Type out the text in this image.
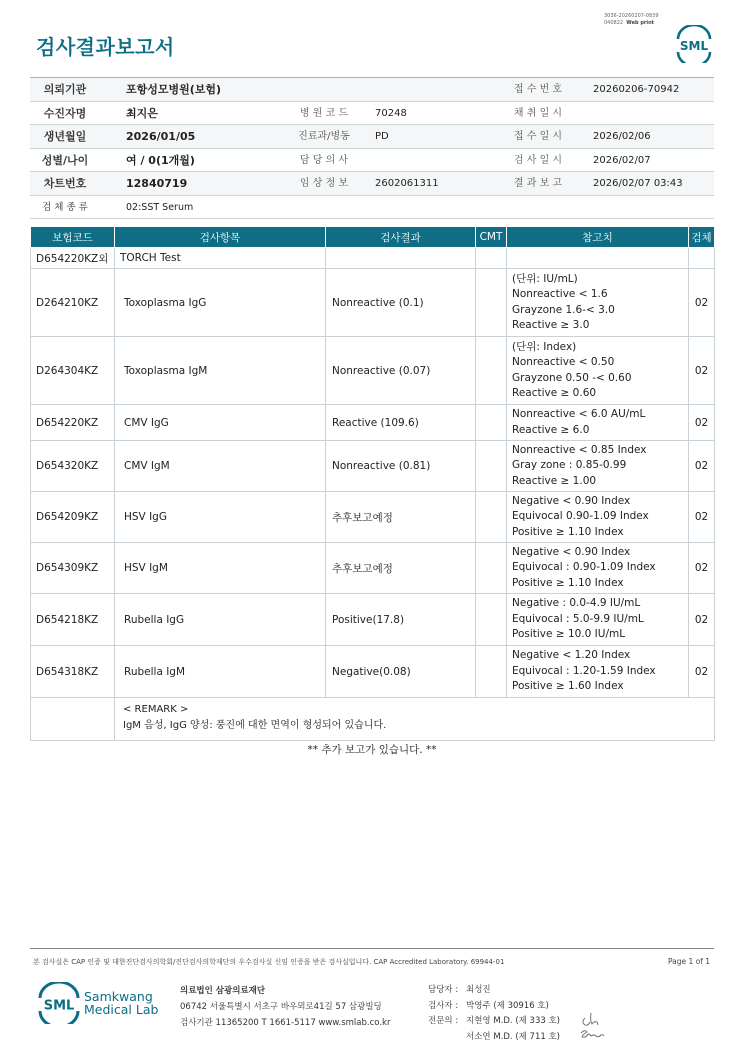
3036-20260207-0839
040822 Web print
검사결과보고서	SML
의뢰기관	포항성모병원(보험)	접 수 번 호	20260206-70942
수진자명	최지은	병 원 코 드	70248	채 취 일 시
생년월일	2026/01/05	진료과/병동	PD	접 수 일 시	2026/02/06
성별/나이	여 / 0(1개월)	담 당 의 사	검 사 일 시	2026/02/07
차트번호	12840719	임 상 정 보	2602061311	결 과 보 고	2026/02/07 03:43
검 체 종 류	02:SST Serum
보험코드	검사항목	검사결과	CMT	참고치	검체
D654220KZ외	TORCH Test				
D264210KZ	Toxoplasma IgG	Nonreactive (0.1)		(단위: IU/mL)
Nonreactive < 1.6
Grayzone 1.6-< 3.0
Reactive ≥ 3.0	02
D264304KZ	Toxoplasma IgM	Nonreactive (0.07)		(단위: Index)
Nonreactive < 0.50
Grayzone 0.50 -< 0.60
Reactive ≥ 0.60	02
D654220KZ	CMV IgG	Reactive (109.6)		Nonreactive < 6.0 AU/mL
Reactive ≥ 6.0	02
D654320KZ	CMV IgM	Nonreactive (0.81)		Nonreactive < 0.85 Index
Gray zone : 0.85-0.99
Reactive ≥ 1.00	02
D654209KZ	HSV IgG	추후보고예정		Negative < 0.90 Index
Equivocal 0.90-1.09 Index
Positive ≥ 1.10 Index	02
D654309KZ	HSV IgM	추후보고예정		Negative < 0.90 Index
Equivocal : 0.90-1.09 Index
Positive ≥ 1.10 Index	02
D654218KZ	Rubella IgG	Positive(17.8)		Negative : 0.0-4.9 IU/mL
Equivocal : 5.0-9.9 IU/mL
Positive ≥ 10.0 IU/mL	02
D654318KZ	Rubella IgM	Negative(0.08)		Negative < 1.20 Index
Equivocal : 1.20-1.59 Index
Positive ≥ 1.60 Index	02

	< REMARK >
IgM 음성, IgG 양성: 풍진에 대한 면역이 형성되어 있습니다.				
** 추가 보고가 있습니다. **
본 검사실은 CAP 인증 및 대한진단검사의학회/진단검사의학재단의 우수검사실 신임 인증을 받은 검사실입니다. CAP Accredited Laboratory. 69944-01	Page 1 of 1
SML
Samkwang
Medical Lab
의료법인 삼광의료재단
06742 서울특별시 서초구 바우뫼로41길 57 삼광빌딩
검사기관 11365200 T 1661-5117 www.smlab.co.kr
담당자 : 최성진
검사자 : 박영주 (제 30916 호)
전문의 : 지현영 M.D. (제 333 호)
서소연 M.D. (제 711 호)
